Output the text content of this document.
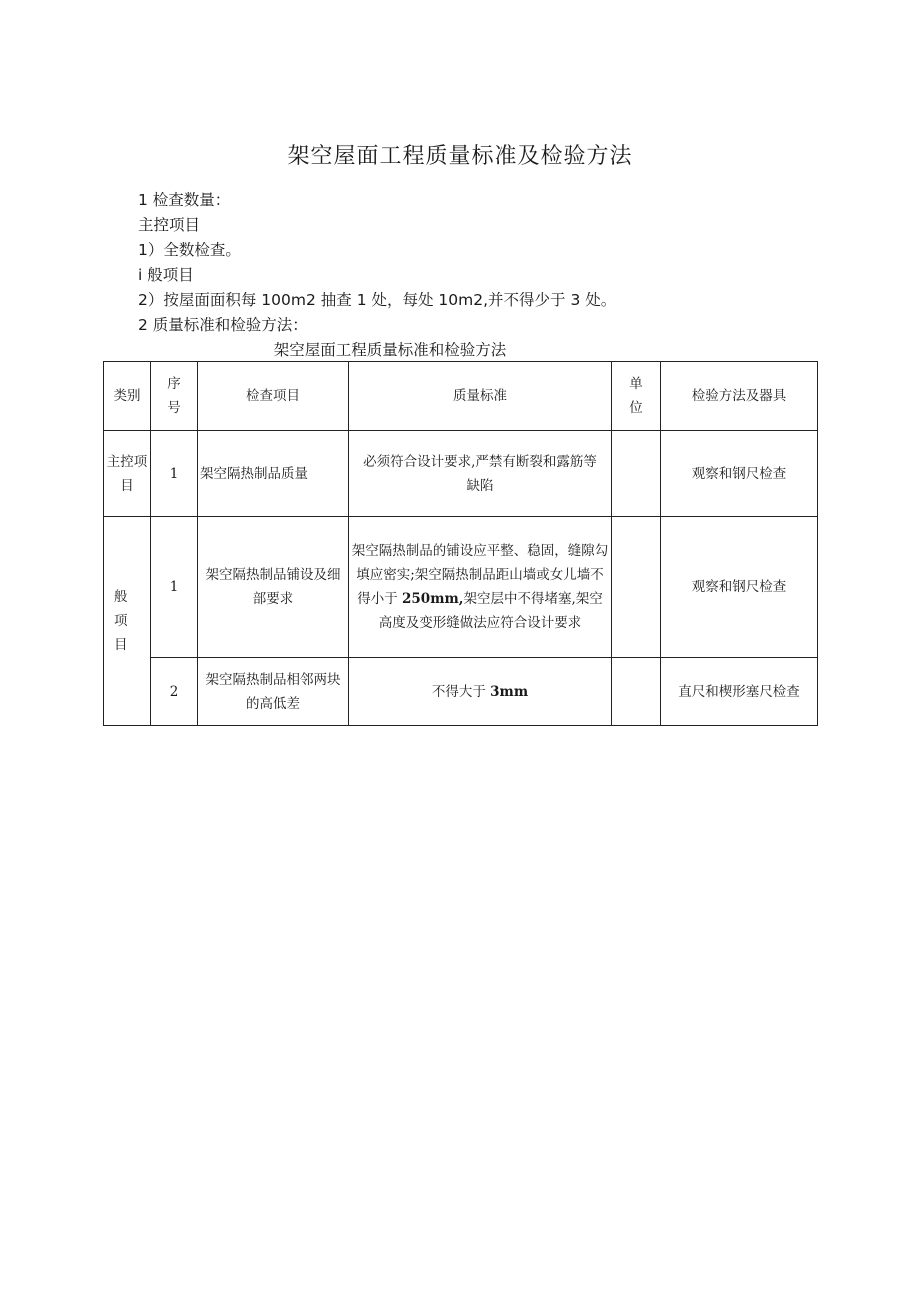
架空屋面工程质量标准及检验方法
1 检查数量：
主控项目
1）全数检查。
i 般项目
2）按屋面面积每 100m2 抽查 1 处，每处 10m2,并不得少于 3 处。
2 质量标准和检验方法：
架空屋面工程质量标准和检验方法
类别	序号	检查项目	质量标准	单位	检验方法及器具
主控项目	1	架空隔热制品质量	必须符合设计要求,严禁有断裂和露筋等缺陷		观察和钢尺检查
般项目	1	架空隔热制品铺设及细部要求	架空隔热制品的铺设应平整、稳固，缝隙勾填应密实;架空隔热制品距山墙或女儿墙不得小于 250mm,架空层中不得堵塞,架空高度及变形缝做法应符合设计要求		观察和钢尺检查
	2	架空隔热制品相邻两块的高低差	不得大于 3mm		直尺和楔形塞尺检查
